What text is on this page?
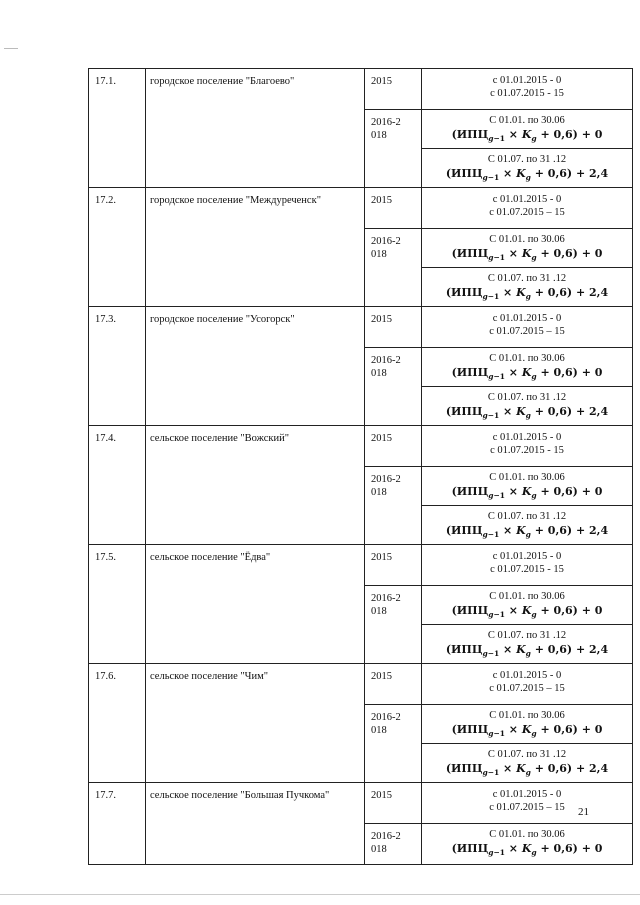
17.1.	городское поселение "Благоево"	2015	с 01.01.2015 - 0
с 01.07.2015 - 15

		2016-​2018	С 01.01. по 30.06
$(ИПЦ_{g-1} \times K_g + 0,6) + 0$

			С 01.07. по 31 .12
$(ИПЦ_{g-1} \times K_g + 0,6) + 2,4$

17.2.	городское поселение "Междуреченск"	2015	с 01.01.2015 - 0
с 01.07.2015 – 15

		2016-​2018	С 01.01. по 30.06
$(ИПЦ_{g-1} \times K_g + 0,6) + 0$

			С 01.07. по 31 .12
$(ИПЦ_{g-1} \times K_g + 0,6) + 2,4$

17.3.	городское поселение "Усогорск"	2015	с 01.01.2015 - 0
с 01.07.2015 – 15

		2016-​2018	С 01.01. по 30.06
$(ИПЦ_{g-1} \times K_g + 0,6) + 0$

			С 01.07. по 31 .12
$(ИПЦ_{g-1} \times K_g + 0,6) + 2,4$

17.4.	сельское поселение "Вожский"	2015	с 01.01.2015 - 0
с 01.07.2015 - 15

		2016-​2018	С 01.01. по 30.06
$(ИПЦ_{g-1} \times K_g + 0,6) + 0$

			С 01.07. по 31 .12
$(ИПЦ_{g-1} \times K_g + 0,6) + 2,4$

17.5.	сельское поселение "Ёдва"	2015	с 01.01.2015 - 0
с 01.07.2015 - 15

		2016-​2018	С 01.01. по 30.06
$(ИПЦ_{g-1} \times K_g + 0,6) + 0$

			С 01.07. по 31 .12
$(ИПЦ_{g-1} \times K_g + 0,6) + 2,4$

17.6.	сельское поселение "Чим"	2015	с 01.01.2015 - 0
с 01.07.2015 – 15

		2016-​2018	С 01.01. по 30.06
$(ИПЦ_{g-1} \times K_g + 0,6) + 0$

			С 01.07. по 31 .12
$(ИПЦ_{g-1} \times K_g + 0,6) + 2,4$

17.7.	сельское поселение "Большая Пучкома"	2015	с 01.01.2015 - 0
с 01.07.2015 – 15

		2016-​2018	С 01.01. по 30.06
$(ИПЦ_{g-1} \times K_g + 0,6) + 0$
21
